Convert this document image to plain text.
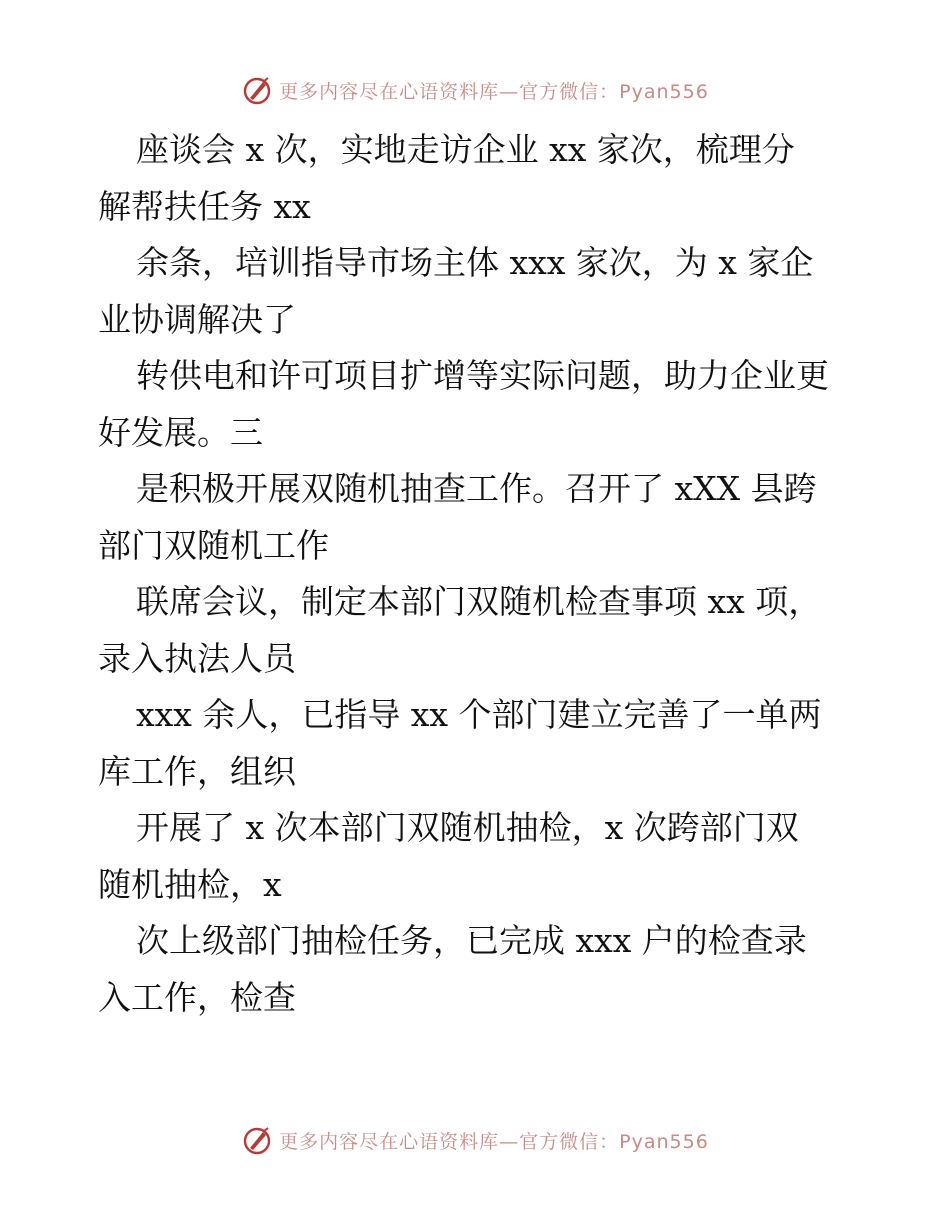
更多内容尽在心语资料库—官方微信：Pyan556

座谈会 x 次，实地走访企业 xx 家次，梳理分
解帮扶任务 xx

余条，培训指导市场主体 xxx 家次，为 x 家企
业协调解决了

转供电和许可项目扩增等实际问题，助力企业更
好发展。三

是积极开展双随机抽查工作。召开了 xXX 县跨
部门双随机工作

联席会议，制定本部门双随机检查事项 xx 项，
录入执法人员

xxx 余人，已指导 xx 个部门建立完善了一单两
库工作，组织

开展了 x 次本部门双随机抽检，x 次跨部门双
随机抽检，x

次上级部门抽检任务，已完成 xxx 户的检查录
入工作，检查

更多内容尽在心语资料库—官方微信：Pyan556
